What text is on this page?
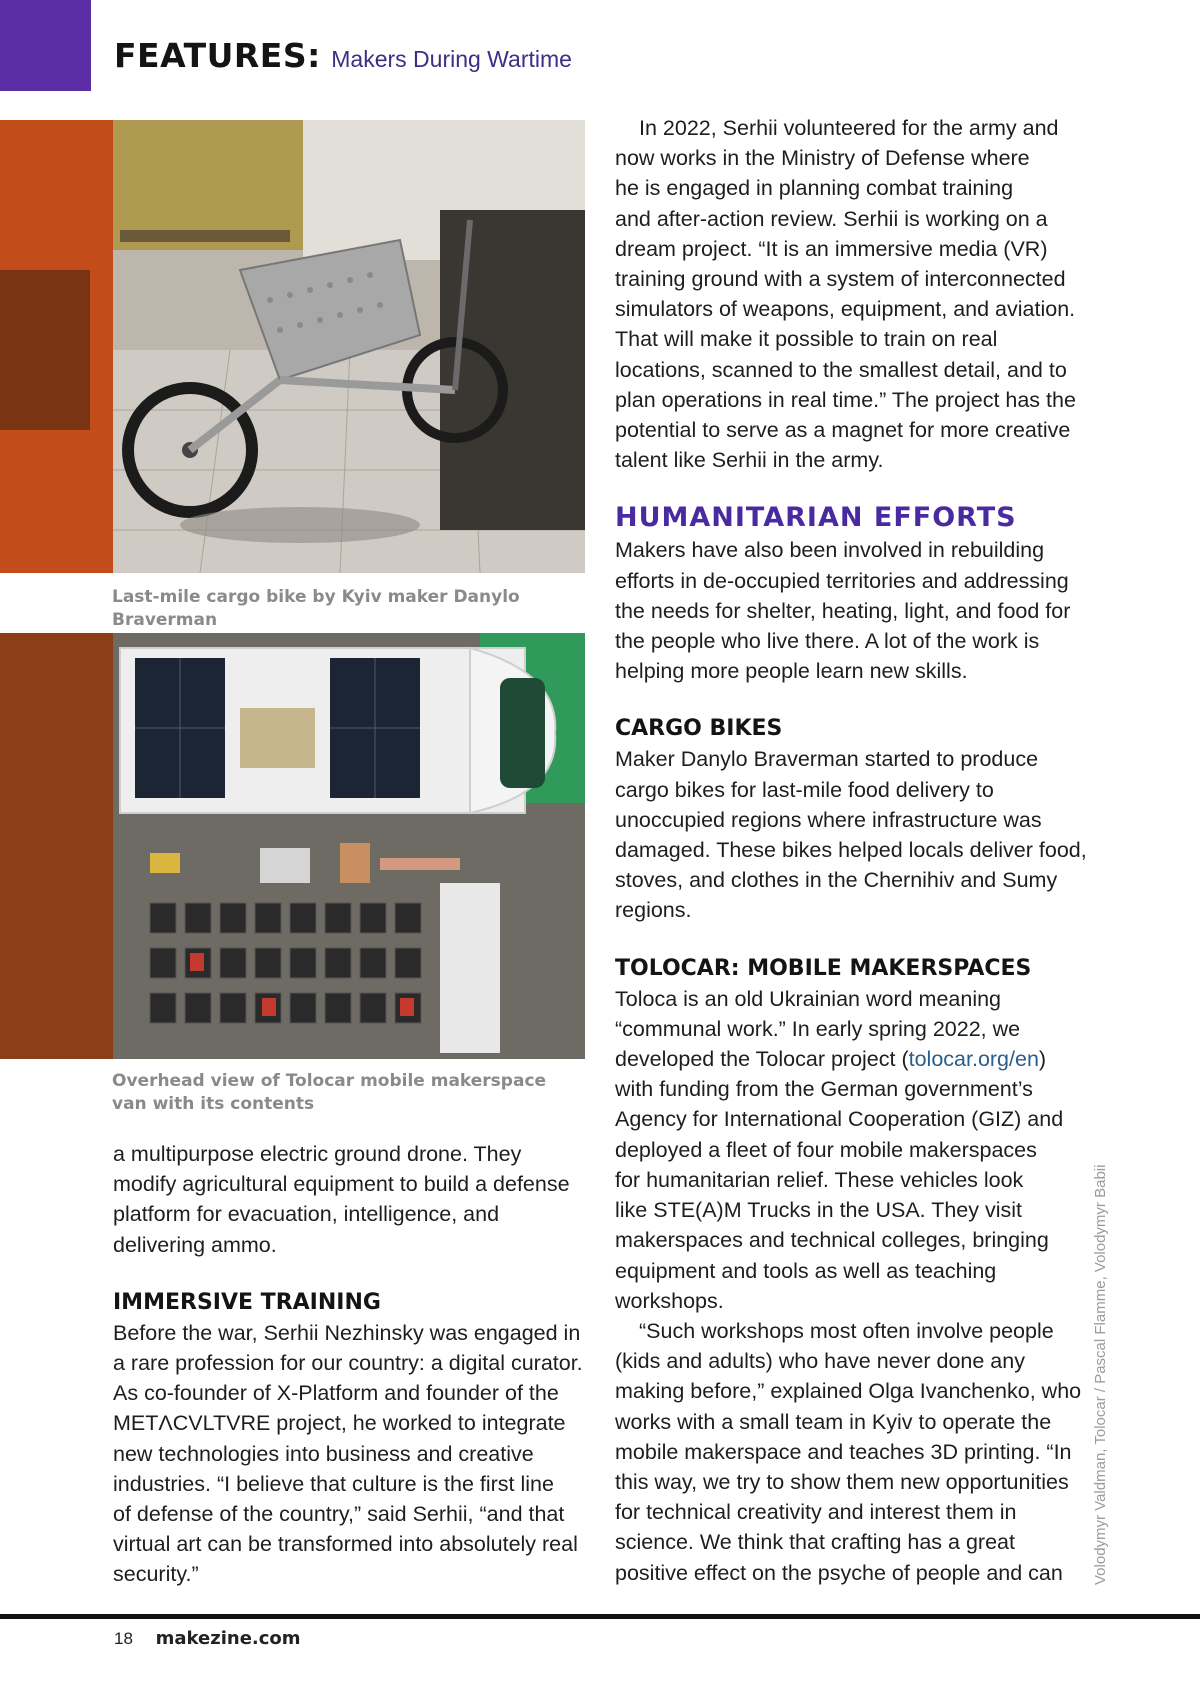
FEATURES: Makers During Wartime
Last-mile cargo bike by Kyiv maker Danylo Braverman
Overhead view of Tolocar mobile makerspace
van with its contents

a multipurpose electric ground drone. They
modify agricultural equipment to build a defense
platform for evacuation, intelligence, and
delivering ammo.

IMMERSIVE TRAINING

Before the war, Serhii Nezhinsky was engaged in
a rare profession for our country: a digital curator.
As co-founder of X-Platform and founder of the
METΛCVLTVRE project, he worked to integrate
new technologies into business and creative
industries. “I believe that culture is the first line
of defense of the country,” said Serhii, “and that
virtual art can be transformed into absolutely real
security.”

In 2022, Serhii volunteered for the army and
now works in the Ministry of Defense where
he is engaged in planning combat training
and after-action review. Serhii is working on a
dream project. “It is an immersive media (VR)
training ground with a system of interconnected
simulators of weapons, equipment, and aviation.
That will make it possible to train on real
locations, scanned to the smallest detail, and to
plan operations in real time.” The project has the
potential to serve as a magnet for more creative
talent like Serhii in the army.

HUMANITARIAN EFFORTS

Makers have also been involved in rebuilding
efforts in de-occupied territories and addressing
the needs for shelter, heating, light, and food for
the people who live there. A lot of the work is
helping more people learn new skills.

CARGO BIKES

Maker Danylo Braverman started to produce
cargo bikes for last-mile food delivery to
unoccupied regions where infrastructure was
damaged. These bikes helped locals deliver food,
stoves, and clothes in the Chernihiv and Sumy
regions.

TOLOCAR: MOBILE MAKERSPACES

Toloca is an old Ukrainian word meaning
“communal work.” In early spring 2022, we
developed the Tolocar project (tolocar.org/en)
with funding from the German government’s
Agency for International Cooperation (GIZ) and
deployed a fleet of four mobile makerspaces
for humanitarian relief. These vehicles look
like STE(A)M Trucks in the USA. They visit
makerspaces and technical colleges, bringing
equipment and tools as well as teaching
workshops.

“Such workshops most often involve people
(kids and adults) who have never done any
making before,” explained Olga Ivanchenko, who
works with a small team in Kyiv to operate the
mobile makerspace and teaches 3D printing. “In
this way, we try to show them new opportunities
for technical creativity and interest them in
science. We think that crafting has a great
positive effect on the psyche of people and can	Volodymyr Valdman, Tolocar / Pascal Flamme, Volodymyr Babii
18 makezine.com
